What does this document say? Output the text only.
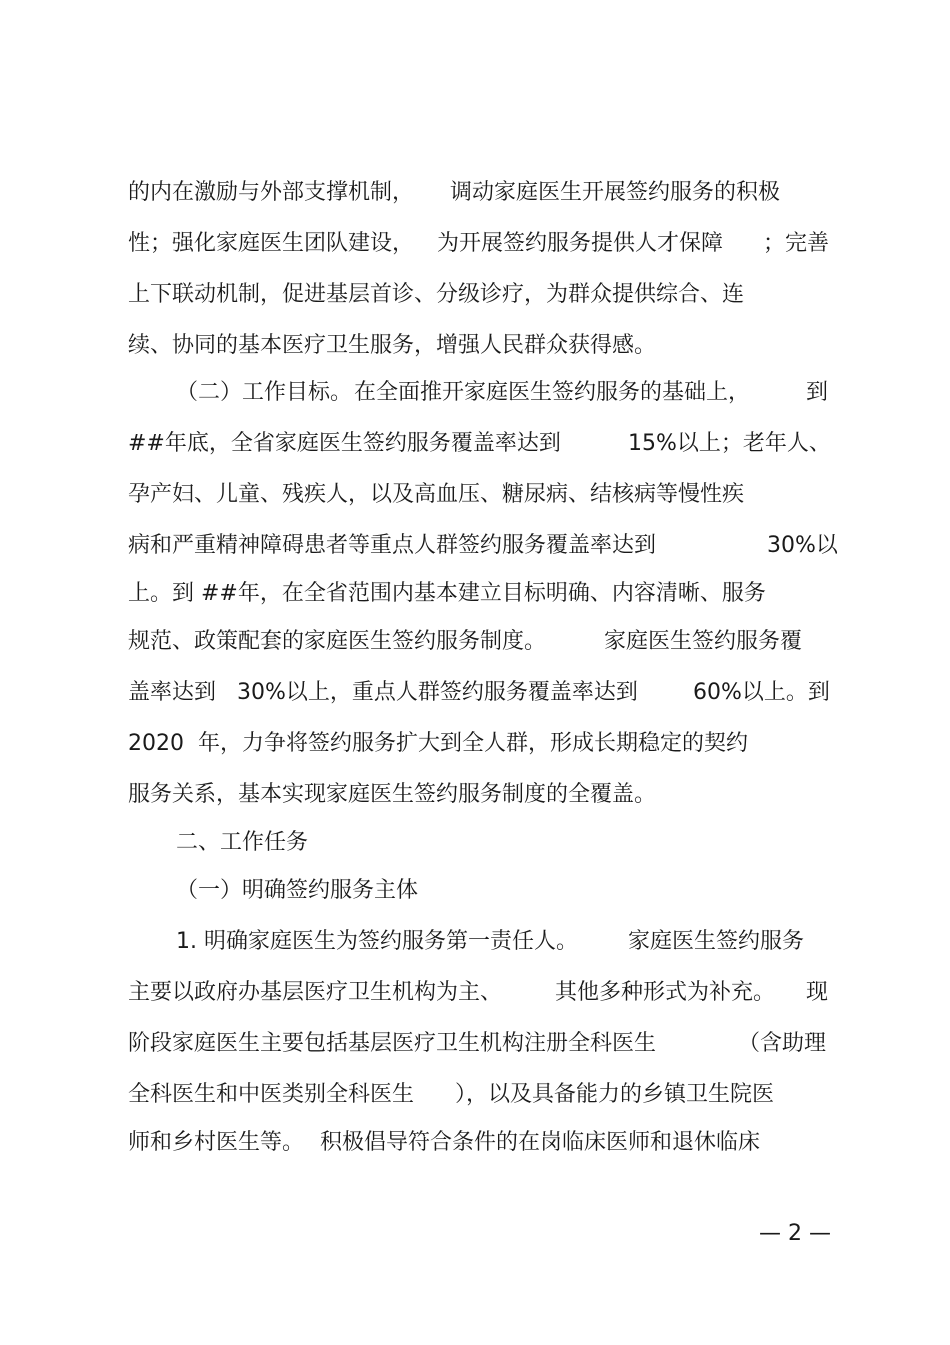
的内在激励与外部支撑机制，

调动家庭医生开展签约服务的积极

性；强化家庭医生团队建设，

为开展签约服务提供人才保障

；完善

上下联动机制，促进基层首诊、分级诊疗，为群众提供综合、连

续、协同的基本医疗卫生服务，增强人民群众获得感。

（二）工作目标。

在全面推开家庭医生签约服务的基础上，

	到

##年底，全省家庭医生签约服务覆盖率达到

	15%以上；老年人、

孕产妇、儿童、残疾人，以及高血压、糖尿病、结核病等慢性疾

病和严重精神障碍患者等重点人群签约服务覆盖率达到

	30%以

上。到 ##年，在全省范围内基本建立目标明确、内容清晰、服务

规范、政策配套的家庭医生签约服务制度。

	家庭医生签约服务覆

盖率达到

30%以上，重点人群签约服务覆盖率达到

	60%以上。到

2020  年，力争将签约服务扩大到全人群，形成长期稳定的契约

服务关系，基本实现家庭医生签约服务制度的全覆盖。

二、工作任务

（一）明确签约服务主体

1. 明确家庭医生为签约服务第一责任人。

家庭医生签约服务

主要以政府办基层医疗卫生机构为主、

其他多种形式为补充。

现

阶段家庭医生主要包括基层医疗卫生机构注册全科医生

	（含助理

全科医生和中医类别全科医生

），以及具备能力的乡镇卫生院医

师和乡村医生等。

积极倡导符合条件的在岗临床医师和退休临床

— 2 —
